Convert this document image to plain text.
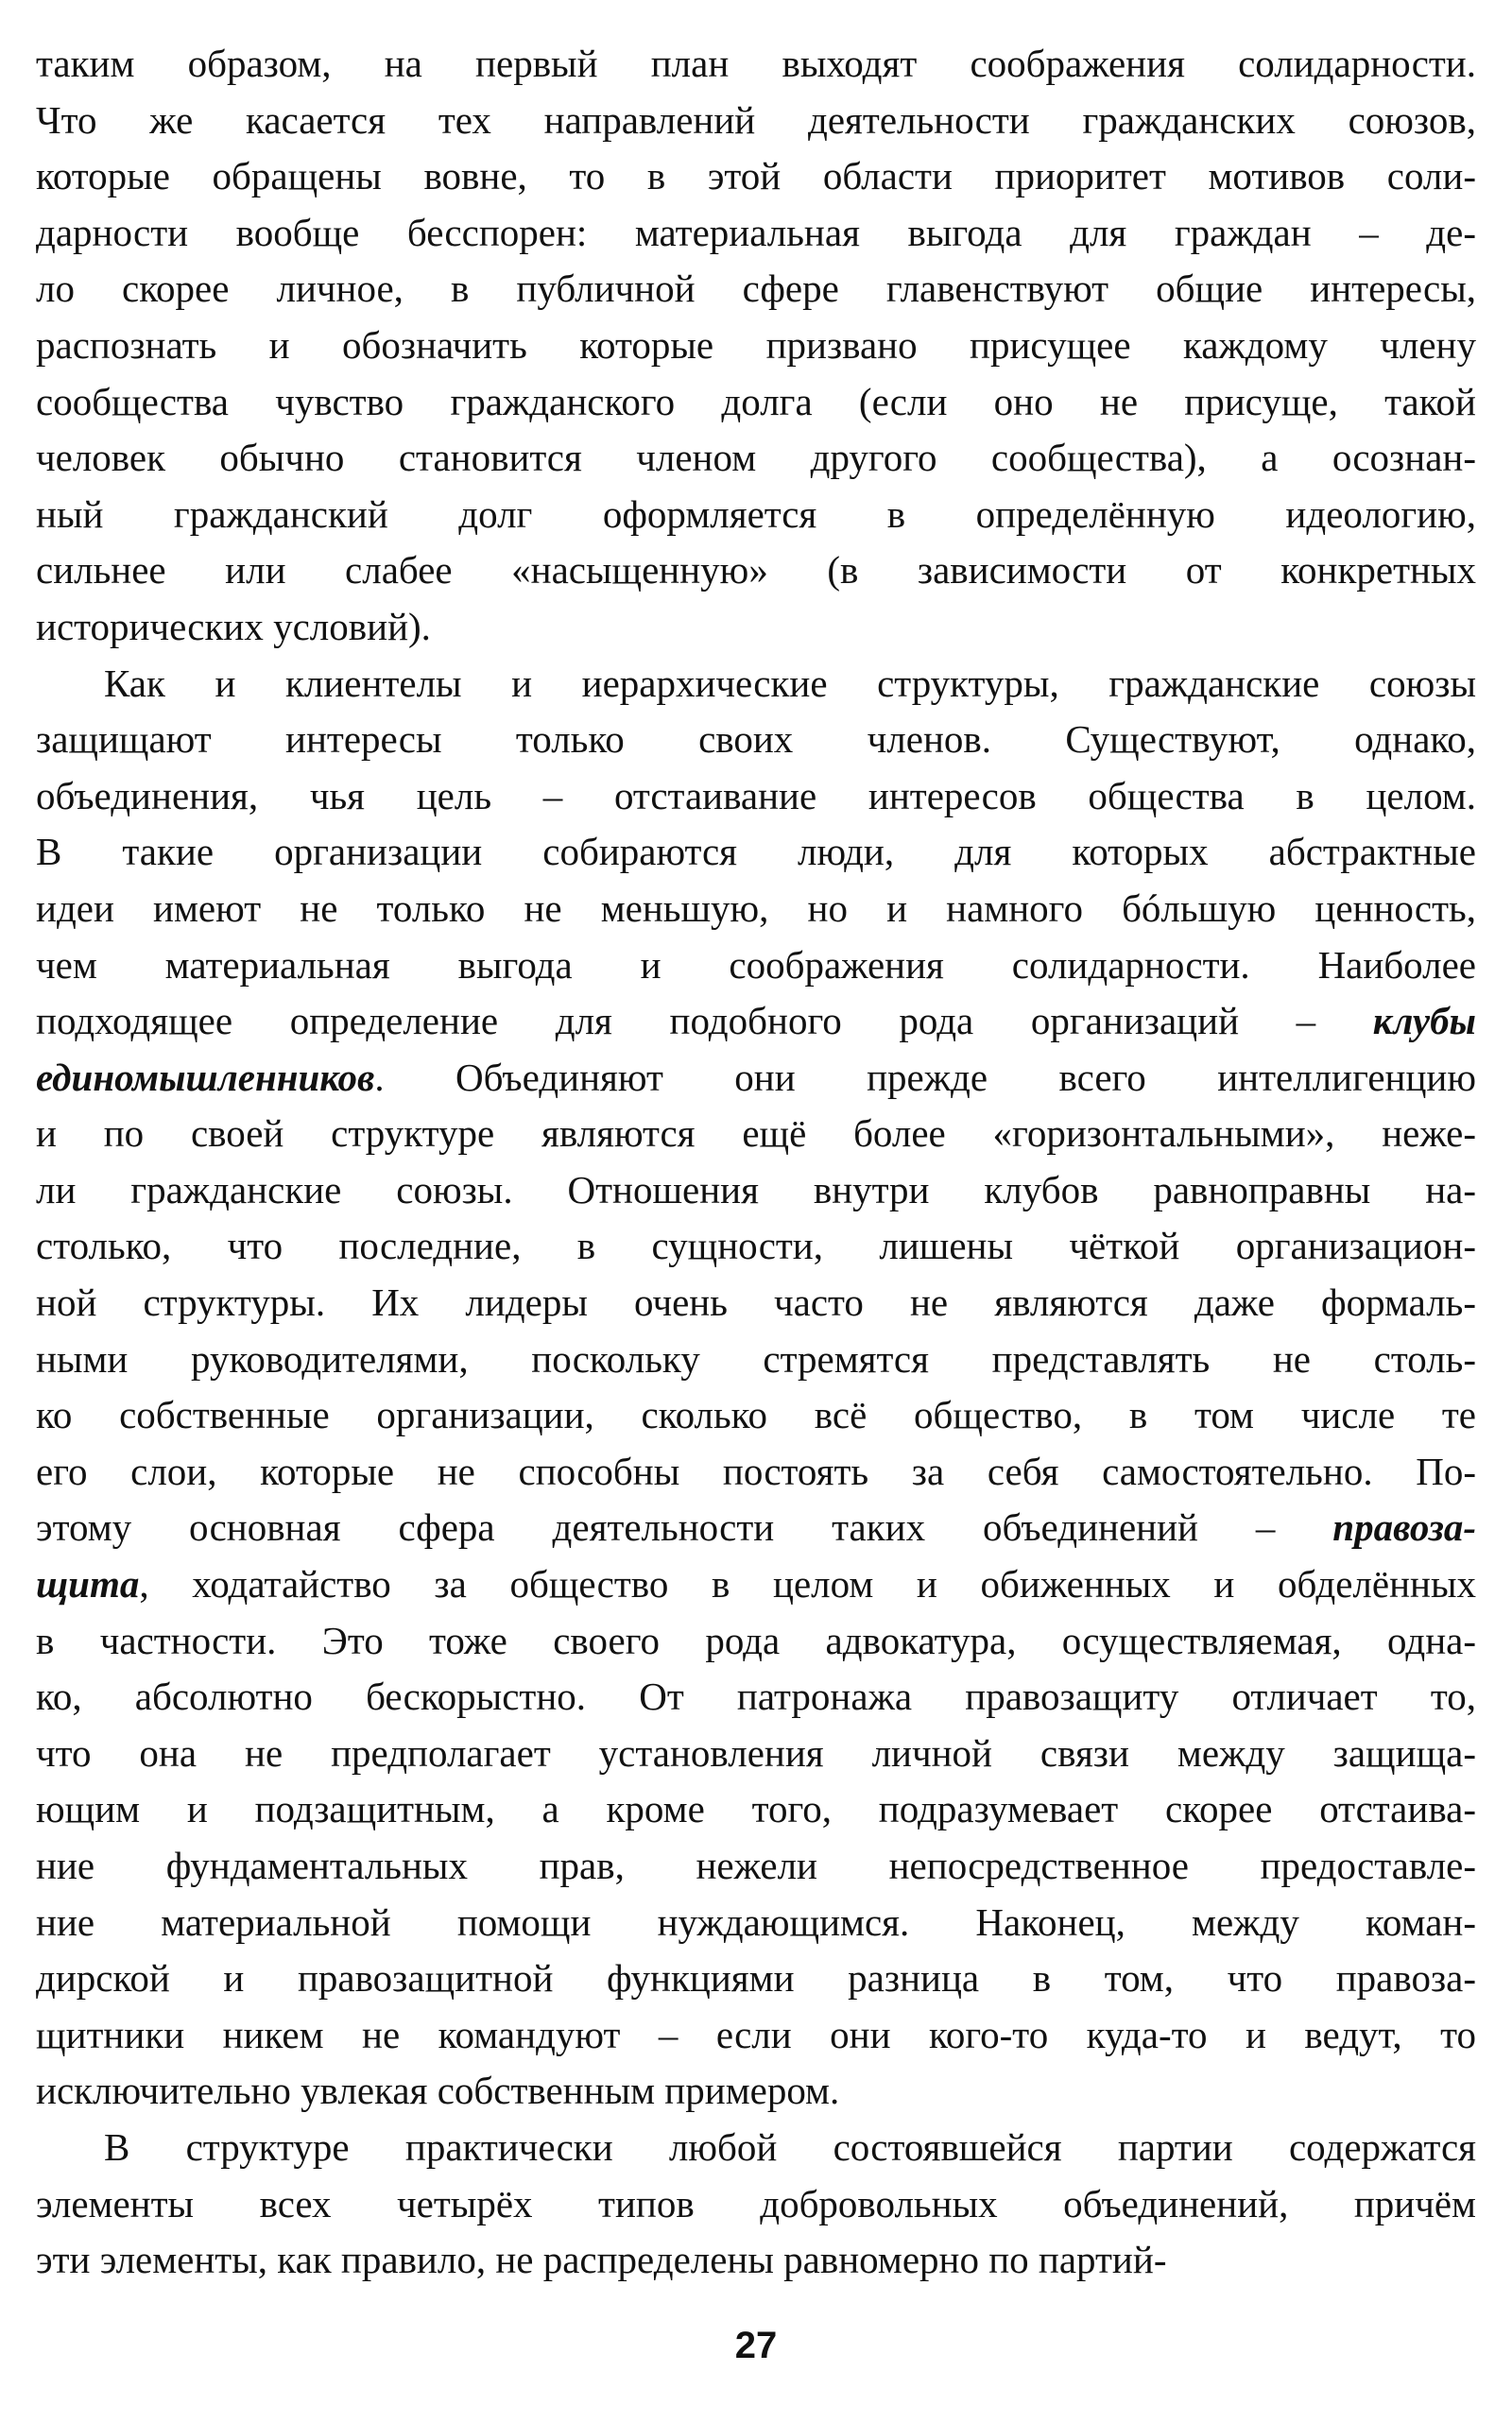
таким образом, на первый план выходят соображения солидарности.
Что же касается тех направлений деятельности гражданских союзов,
которые обращены вовне, то в этой области приоритет мотивов соли-
дарности вообще бесспорен: материальная выгода для граждан – де-
ло скорее личное, в публичной сфере главенствуют общие интересы,
распознать и обозначить которые призвано присущее каждому члену
сообщества чувство гражданского долга (если оно не присуще, такой
человек обычно становится членом другого сообщества), а осознан-
ный гражданский долг оформляется в определённую идеологию,
сильнее или слабее «насыщенную» (в зависимости от конкретных
исторических условий).
Как и клиентелы и иерархические структуры, гражданские союзы
защищают интересы только своих членов. Существуют, однако,
объединения, чья цель – отстаивание интересов общества в целом.
В такие организации собираются люди, для которых абстрактные
идеи имеют не только не меньшую, но и намного бóльшую ценность,
чем материальная выгода и соображения солидарности. Наиболее
подходящее определение для подобного рода организаций – клубы
единомышленников. Объединяют они прежде всего интеллигенцию
и по своей структуре являются ещё более «горизонтальными», неже-
ли гражданские союзы. Отношения внутри клубов равноправны на-
столько, что последние, в сущности, лишены чёткой организацион-
ной структуры. Их лидеры очень часто не являются даже формаль-
ными руководителями, поскольку стремятся представлять не столь-
ко собственные организации, сколько всё общество, в том числе те
его слои, которые не способны постоять за себя самостоятельно. По-
этому основная сфера деятельности таких объединений – правоза-
щита, ходатайство за общество в целом и обиженных и обделённых
в частности. Это тоже своего рода адвокатура, осуществляемая, одна-
ко, абсолютно бескорыстно. От патронажа правозащиту отличает то,
что она не предполагает установления личной связи между защища-
ющим и подзащитным, а кроме того, подразумевает скорее отстаива-
ние фундаментальных прав, нежели непосредственное предоставле-
ние материальной помощи нуждающимся. Наконец, между коман-
дирской и правозащитной функциями разница в том, что правоза-
щитники никем не командуют – если они кого-то куда-то и ведут, то
исключительно увлекая собственным примером.
В структуре практически любой состоявшейся партии содержатся
элементы всех четырёх типов добровольных объединений, причём
эти элементы, как правило, не распределены равномерно по партий-
27
